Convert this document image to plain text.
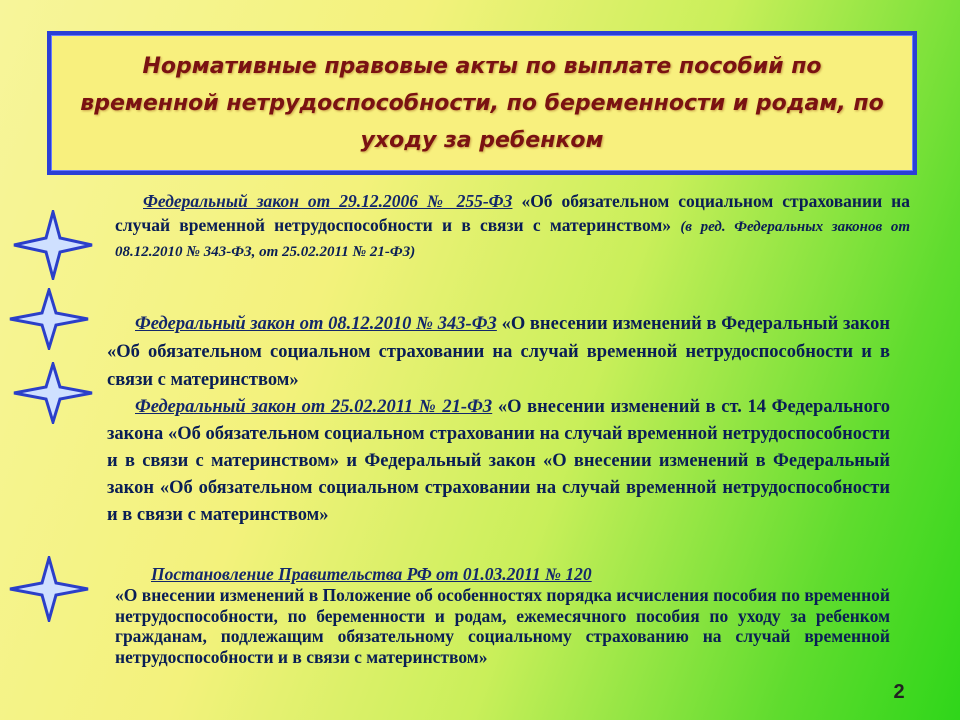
Нормативные правовые акты по выплате пособий по временной нетрудоспособности, по беременности и родам, по уходу за ребенком
Федеральный закон от 29.12.2006 № 255-ФЗ «Об обязательном социальном страховании на случай временной нетрудоспособности и в связи с материнством» (в ред. Федеральных законов от 08.12.2010 № 343-ФЗ, от 25.02.2011 № 21-ФЗ)
Федеральный закон от 08.12.2010 № 343-ФЗ «О внесении изменений в Федеральный закон «Об обязательном социальном страховании на случай временной нетрудоспособности и в связи с материнством»
Федеральный закон от 25.02.2011 № 21-ФЗ «О внесении изменений в ст. 14 Федерального закона «Об обязательном социальном страховании на случай временной нетрудоспособности и в связи с материнством» и Федеральный закон «О внесении изменений в Федеральный закон «Об обязательном социальном страховании на случай временной нетрудоспособности и в связи с материнством»
Постановление Правительства РФ от 01.03.2011 № 120
«О внесении изменений в Положение об особенностях порядка исчисления пособия по временной нетрудоспособности, по беременности и родам, ежемесячного пособия по уходу за ребенком гражданам, подлежащим обязательному социальному страхованию на случай временной нетрудоспособности и в связи с материнством»
2
